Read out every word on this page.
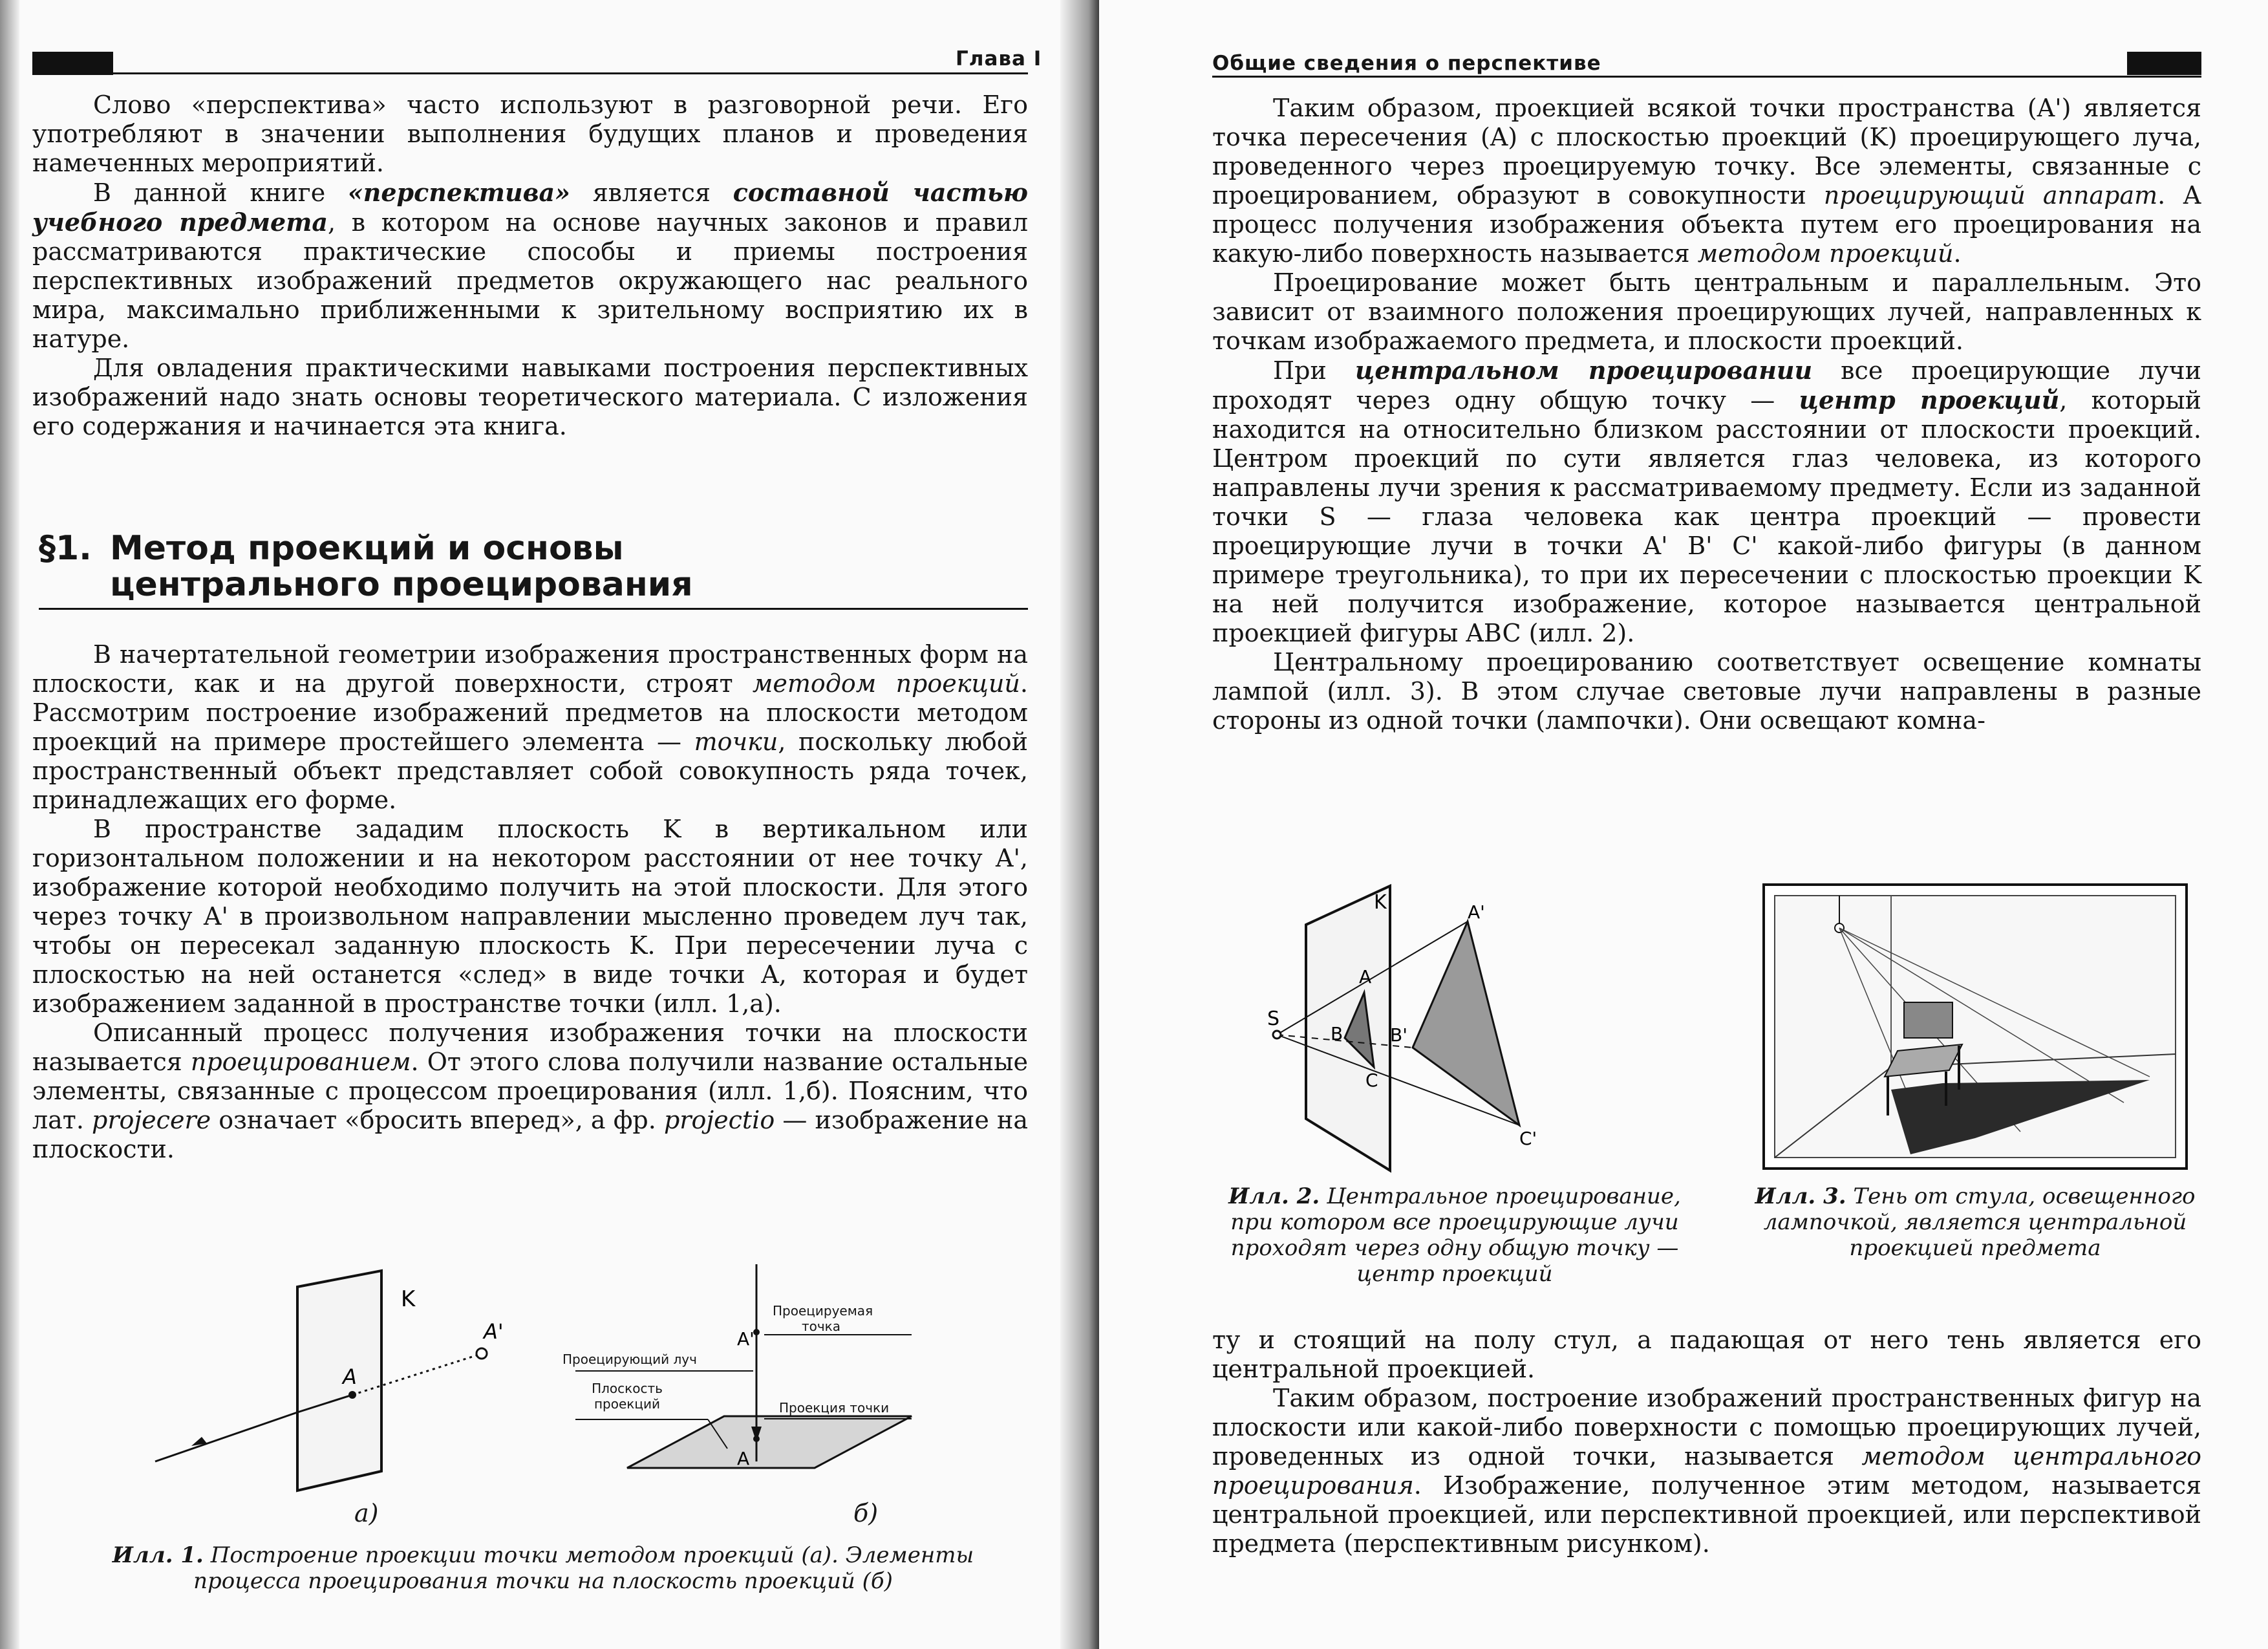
Глава I

Слово «перспектива» часто используют в разговорной речи. Его употребляют в значении выполнения будущих планов и проведения намеченных мероприятий.

В данной книге «перспектива» является составной частью учебного предмета, в котором на основе научных законов и правил рассматриваются практические способы и приемы построения перспективных изображений предметов окружающего нас реального мира, максимально приближенными к зрительному восприятию их в натуре.

Для овладения практическими навыками построения перспективных изображений надо знать основы теоретического материала. С изложения его содержания и начинается эта книга.

§1. Метод проекций и основы центрального проецирования

В начертательной геометрии изображения пространственных форм на плоскости, как и на другой поверхности, строят методом проекций. Рассмотрим построение изображений предметов на плоскости методом проекций на примере простейшего элемента — точки, поскольку любой пространственный объект представляет собой совокупность ряда точек, принадлежащих его форме.

В пространстве зададим плоскость K в вертикальном или горизонтальном положении и на некотором расстоянии от нее точку A', изображение которой необходимо получить на этой плоскости. Для этого через точку A' в произвольном направлении мысленно проведем луч так, чтобы он пересекал заданную плоскость K. При пересечении луча с плоскостью на ней останется «след» в виде точки A, которая и будет изображением заданной в пространстве точки (илл. 1,a).

Описанный процесс получения изображения точки на плоскости называется проецированием. От этого слова получили название остальные элементы, связанные с процессом проецирования (илл. 1,б). Поясним, что лат. projecere означает «бросить вперед», а фр. projectio — изображение на плоскости.

K
A
A'
а)
A'
A
Проецируемая точка
Проецирующий луч
Плоскость проекций	Проекция точки
б)
Илл. 1. Построение проекции точки методом проекций (а). Элементы процесса проецирования точки на плоскость проекций (б)
Общие сведения о перспективе

Таким образом, проекцией всякой точки пространства (A') является точка пересечения (A) с плоскостью проекций (K) проецирующего луча, проведенного через проецируемую точку. Все элементы, связанные с проецированием, образуют в совокупности проецирующий аппарат. А процесс получения изображения объекта путем его проецирования на какую-либо поверхность называется методом проекций.

Проецирование может быть центральным и параллельным. Это зависит от взаимного положения проецирующих лучей, направленных к точкам изображаемого предмета, и плоскости проекций.

При центральном проецировании все проецирующие лучи проходят через одну общую точку — центр проекций, который находится на относительно близком расстоянии от плоскости проекций. Центром проекций по сути является глаз человека, из которого направлены лучи зрения к рассматриваемому предмету. Если из заданной точки S — глаза человека как центра проекций — провести проецирующие лучи в точки A' B' C' какой-либо фигуры (в данном примере треугольника), то при их пересечении с плоскостью проекции K на ней получится изображение, которое называется центральной проекцией фигуры ABC (илл. 2).

Центральному проецированию соответствует освещение комнаты лампой (илл. 3). В этом случае световые лучи направлены в разные стороны из одной точки (лампочки). Они освещают комна-

K
S
A
B
C
A'
B'
C'
Илл. 2. Центральное проецирование, при котором все проецирующие лучи проходят через одну общую точку — центр проекций
Илл. 3. Тень от стула, освещенного лампочкой, является центральной проекцией предмета

ту и стоящий на полу стул, а падающая от него тень является его центральной проекцией.

Таким образом, построение изображений пространственных фигур на плоскости или какой-либо поверхности с помощью проецирующих лучей, проведенных из одной точки, называется методом центрального проецирования. Изображение, полученное этим методом, называется центральной проекцией, или перспективной проекцией, или перспективой предмета (перспективным рисунком).
